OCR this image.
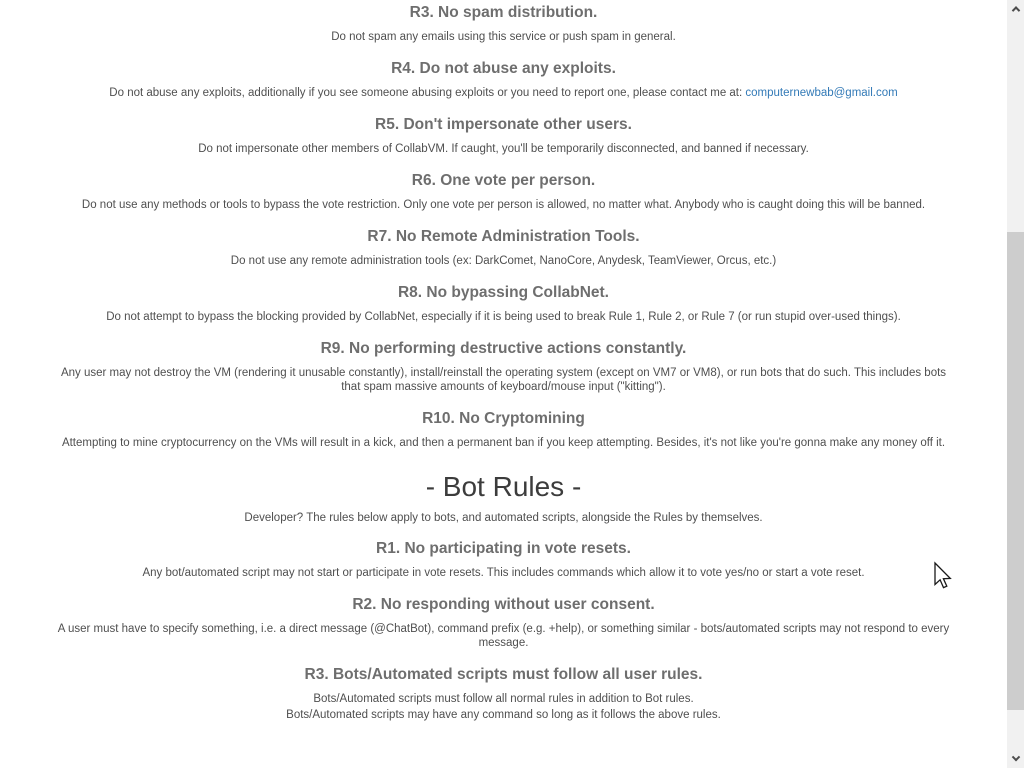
R3. No spam distribution.

Do not spam any emails using this service or push spam in general.

R4. Do not abuse any exploits.

Do not abuse any exploits, additionally if you see someone abusing exploits or you need to report one, please contact me at: computernewbab@gmail.com

R5. Don't impersonate other users.

Do not impersonate other members of CollabVM. If caught, you'll be temporarily disconnected, and banned if necessary.

R6. One vote per person.

Do not use any methods or tools to bypass the vote restriction. Only one vote per person is allowed, no matter what. Anybody who is caught doing this will be banned.

R7. No Remote Administration Tools.

Do not use any remote administration tools (ex: DarkComet, NanoCore, Anydesk, TeamViewer, Orcus, etc.)

R8. No bypassing CollabNet.

Do not attempt to bypass the blocking provided by CollabNet, especially if it is being used to break Rule 1, Rule 2, or Rule 7 (or run stupid over-used things).

R9. No performing destructive actions constantly.

Any user may not destroy the VM (rendering it unusable constantly), install/reinstall the operating system (except on VM7 or VM8), or run bots that do such. This includes bots that spam massive amounts of keyboard/mouse input ("kitting").

R10. No Cryptomining

Attempting to mine cryptocurrency on the VMs will result in a kick, and then a permanent ban if you keep attempting. Besides, it's not like you're gonna make any money off it.

- Bot Rules -

Developer? The rules below apply to bots, and automated scripts, alongside the Rules by themselves.

R1. No participating in vote resets.

Any bot/automated script may not start or participate in vote resets. This includes commands which allow it to vote yes/no or start a vote reset.

R2. No responding without user consent.

A user must have to specify something, i.e. a direct message (@ChatBot), command prefix (e.g. +help), or something similar - bots/automated scripts may not respond to every message.

R3. Bots/Automated scripts must follow all user rules.

Bots/Automated scripts must follow all normal rules in addition to Bot rules.

Bots/Automated scripts may have any command so long as it follows the above rules.
